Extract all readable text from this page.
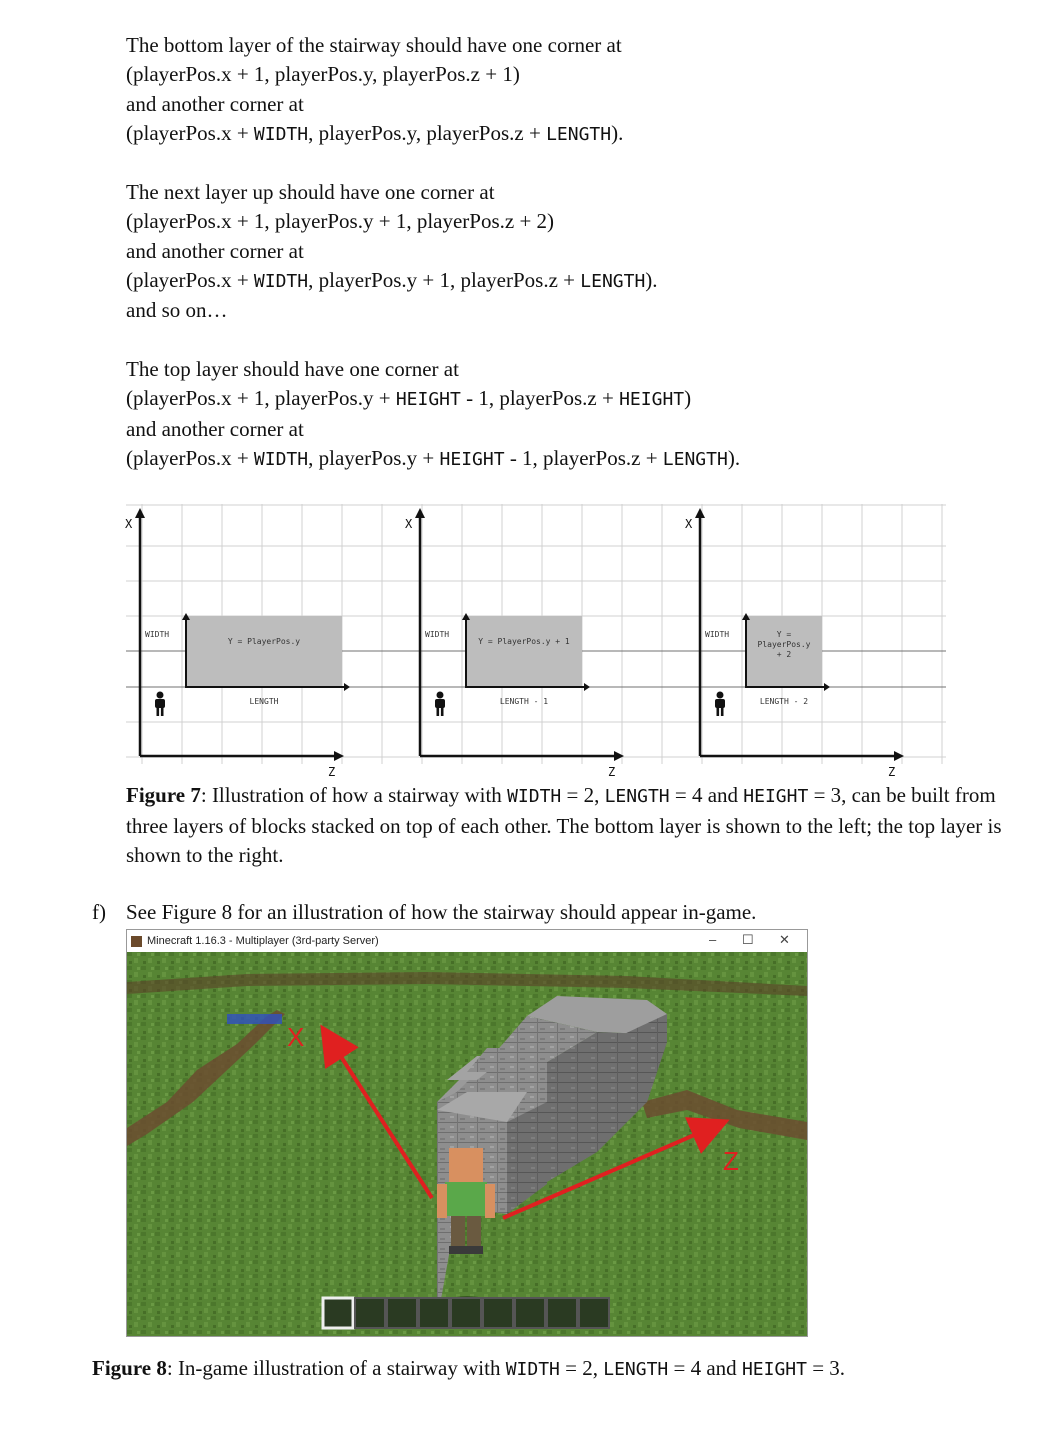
The bottom layer of the stairway should have one corner at
(playerPos.x + 1, playerPos.y, playerPos.z + 1)
and another corner at
(playerPos.x + WIDTH, playerPos.y, playerPos.z + LENGTH).
The next layer up should have one corner at
(playerPos.x + 1, playerPos.y + 1, playerPos.z + 2)
and another corner at
(playerPos.x + WIDTH, playerPos.y + 1, playerPos.z + LENGTH).
and so on…
The top layer should have one corner at
(playerPos.x + 1, playerPos.y + HEIGHT - 1, playerPos.z + HEIGHT)
and another corner at
(playerPos.x + WIDTH, playerPos.y + HEIGHT - 1, playerPos.z + LENGTH).
X
Z
WIDTH
Y = PlayerPos.y
LENGTH
X
Z
WIDTH
Y = PlayerPos.y + 1
LENGTH - 1
X
Z
WIDTH	Y =
PlayerPos.y
+ 2
LENGTH - 2
Figure 7: Illustration of how a stairway with WIDTH = 2, LENGTH = 4 and HEIGHT = 3, can be built from three layers of blocks stacked on top of each other. The bottom layer is shown to the left; the top layer is shown to the right.
f) See Figure 8 for an illustration of how the stairway should appear in-game.
Minecraft 1.16.3 - Multiplayer (3rd-party Server)	– ☐ ✕
X
Z
Figure 8: In-game illustration of a stairway with WIDTH = 2, LENGTH = 4 and HEIGHT = 3.
